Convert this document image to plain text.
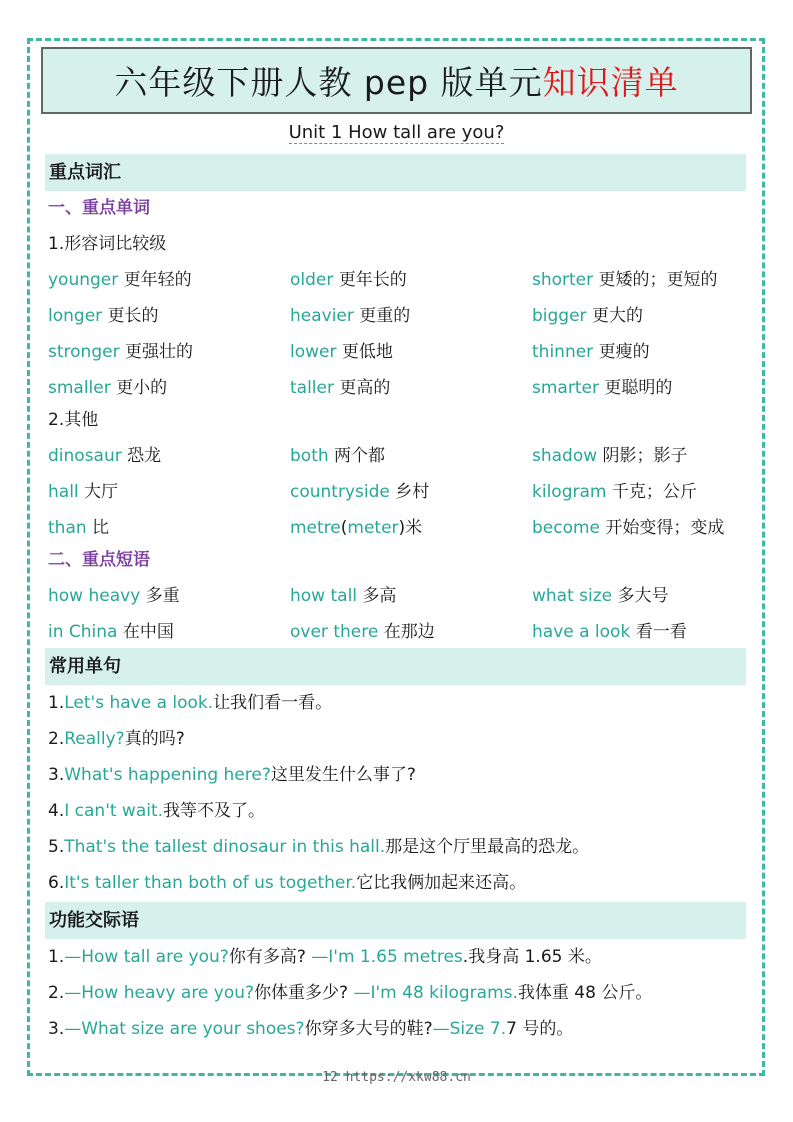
六年级下册人教 pep 版单元 知识清单
Unit 1 How tall are you?
重点词汇
一、重点单词
1.形容词比较级
younger 更年轻的	older 更年长的	shorter 更矮的；更短的
longer 更长的	heavier 更重的	bigger 更大的
stronger 更强壮的	lower 更低地	thinner 更瘦的
smaller 更小的	taller 更高的	smarter 更聪明的
2.其他
dinosaur 恐龙	both 两个都	shadow 阴影；影子
hall 大厅	countryside 乡村	kilogram 千克；公斤
than 比	metre(meter)米	become 开始变得；变成
二、重点短语
how heavy 多重	how tall 多高	what size 多大号
in China 在中国	over there 在那边	have a look 看一看
常用单句
1.Let's have a look.让我们看一看。
2.Really?真的吗?
3.What's happening here?这里发生什么事了?
4.I can't wait.我等不及了。
5.That's the tallest dinosaur in this hall.那是这个厅里最高的恐龙。
6.It's taller than both of us together.它比我俩加起来还高。
功能交际语
1.—How tall are you?你有多高? —I'm 1.65 metres.我身高 1.65 米。
2.—How heavy are you?你体重多少? —I'm 48 kilograms.我体重 48 公斤。
3.—What size are your shoes?你穿多大号的鞋?—Size 7.7 号的。
12 https://xkw88.cn
